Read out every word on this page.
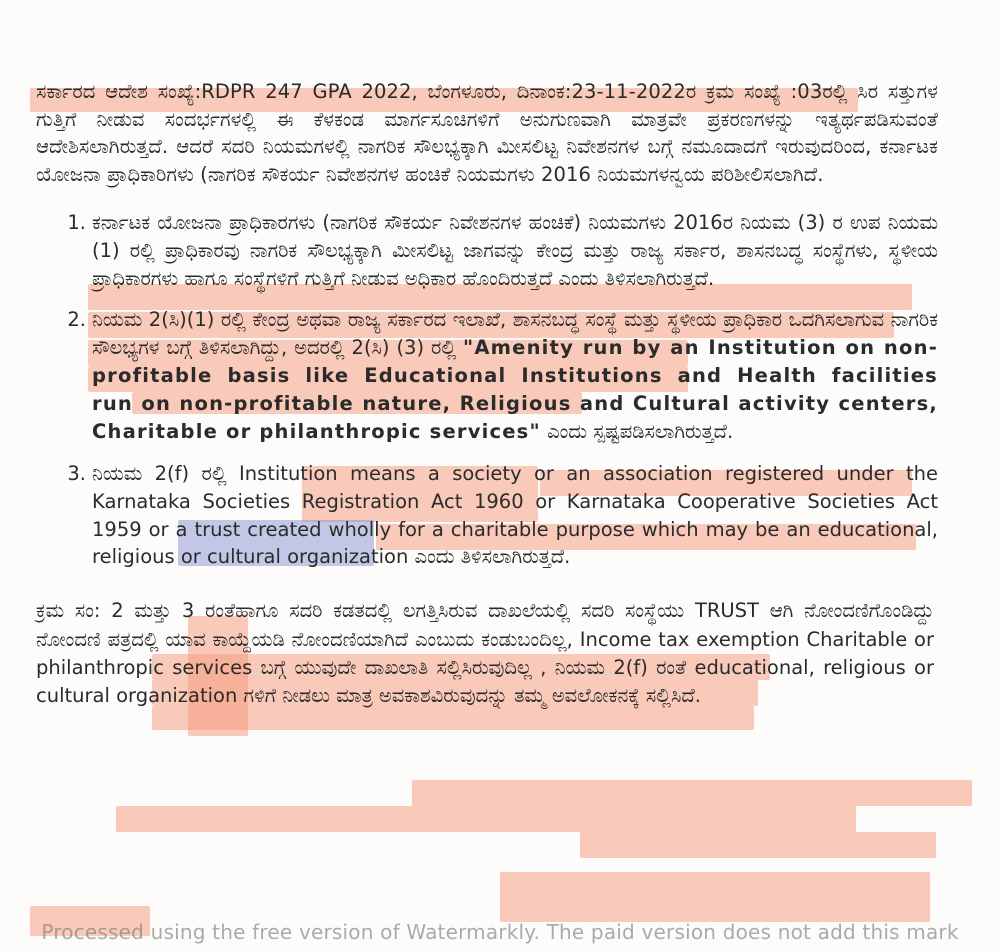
ಸರ್ಕಾರದ ಆದೇಶ ಸಂಖ್ಯೆ:RDPR 247 GPA 2022, ಬೆಂಗಳೂರು, ದಿನಾಂಕ:23-11-2022ರ ಕ್ರಮ ಸಂಖ್ಯೆ :03ರಲ್ಲಿ ಸಿರ ಸತ್ತುಗಳ ಗುತ್ತಿಗೆ ನೀಡುವ ಸಂದರ್ಭಗಳಲ್ಲಿ ಈ ಕೆಳಕಂಡ ಮಾರ್ಗಸೂಚಿಗಳಿಗೆ ಅನುಗುಣವಾಗಿ ಮಾತ್ರವೇ ಪ್ರಕರಣಗಳನ್ನು ಇತ್ಯರ್ಥಪಡಿಸುವಂತೆ ಆದೇಶಿಸಲಾಗಿರುತ್ತದೆ. ಆದರೆ ಸದರಿ ನಿಯಮಗಳಲ್ಲಿ ನಾಗರಿಕ ಸೌಲಭ್ಯಕ್ಕಾಗಿ ಮೀಸಲಿಟ್ಟ ನಿವೇಶನಗಳ ಬಗ್ಗೆ ನಮೂದಾದಗೆ ಇರುವುದರಿಂದ, ಕರ್ನಾಟಕ ಯೋಜನಾ ಪ್ರಾಧಿಕಾರಿಗಳು (ನಾಗರಿಕ ಸೌಕರ್ಯ ನಿವೇಶನಗಳ ಹಂಚಿಕೆ ನಿಯಮಗಳು 2016 ನಿಯಮಗಳನ್ವಯ ಪರಿಶೀಲಿಸಲಾಗಿದೆ.

1. ಕರ್ನಾಟಕ ಯೋಜನಾ ಪ್ರಾಧಿಕಾರಗಳು (ನಾಗರಿಕ ಸೌಕರ್ಯ ನಿವೇಶನಗಳ ಹಂಚಿಕೆ) ನಿಯಮಗಳು 2016ರ ನಿಯಮ (3) ರ ಉಪ ನಿಯಮ (1) ರಲ್ಲಿ ಪ್ರಾಧಿಕಾರವು ನಾಗರಿಕ ಸೌಲಭ್ಯಕ್ಕಾಗಿ ಮೀಸಲಿಟ್ಟ ಜಾಗವನ್ನು ಕೇಂದ್ರ ಮತ್ತು ರಾಜ್ಯ ಸರ್ಕಾರ, ಶಾಸನಬದ್ಧ ಸಂಸ್ಥೆಗಳು, ಸ್ಥಳೀಯ ಪ್ರಾಧಿಕಾರಗಳು ಹಾಗೂ ಸಂಸ್ಥೆಗಳಿಗೆ ಗುತ್ತಿಗೆ ನೀಡುವ ಅಧಿಕಾರ ಹೊಂದಿರುತ್ತದೆ ಎಂದು ತಿಳಿಸಲಾಗಿರುತ್ತದೆ.
2. ನಿಯಮ 2(ಸಿ)(1) ರಲ್ಲಿ ಕೇಂದ್ರ ಅಥವಾ ರಾಜ್ಯ ಸರ್ಕಾರದ ಇಲಾಖೆ, ಶಾಸನಬದ್ಧ ಸಂಸ್ಥೆ ಮತ್ತು ಸ್ಥಳೀಯ ಪ್ರಾಧಿಕಾರ ಒದಗಿಸಲಾಗುವ ನಾಗರಿಕ ಸೌಲಭ್ಯಗಳ ಬಗ್ಗೆ ತಿಳಿಸಲಾಗಿದ್ದು, ಅದರಲ್ಲಿ 2(ಸಿ) (3) ರಲ್ಲಿ "Amenity run by an Institution on non-profitable basis like Educational Institutions and Health facilities run on non-profitable nature, Religious and Cultural activity centers, Charitable or philanthropic services" ಎಂದು ಸ್ಪಷ್ಟಪಡಿಸಲಾಗಿರುತ್ತದೆ.
3. ನಿಯಮ 2(f) ರಲ್ಲಿ Institution means a society or an association registered under the Karnataka Societies Registration Act 1960 or Karnataka Cooperative Societies Act 1959 or a trust created wholly for a charitable purpose which may be an educational, religious or cultural organization ಎಂದು ತಿಳಿಸಲಾಗಿರುತ್ತದೆ.

ಕ್ರಮ ಸಂ: 2 ಮತ್ತು 3 ರಂತೆಹಾಗೂ ಸದರಿ ಕಡತದಲ್ಲಿ ಲಗತ್ತಿಸಿರುವ ದಾಖಲೆಯಲ್ಲಿ ಸದರಿ ಸಂಸ್ಥೆಯು TRUST ಆಗಿ ನೋಂದಣಿಗೊಂಡಿದ್ದು ನೋಂದಣಿ ಪತ್ರದಲ್ಲಿ ಯಾವ ಕಾಯ್ದೆಯಡಿ ನೋಂದಣಿಯಾಗಿದೆ ಎಂಬುದು ಕಂಡುಬಂದಿಲ್ಲ, Income tax exemption Charitable or philanthropic services ಬಗ್ಗೆ ಯುವುದೇ ದಾಖಲಾತಿ ಸಲ್ಲಿಸಿರುವುದಿಲ್ಲ , ನಿಯಮ 2(f) ರಂತೆ educational, religious or cultural organization ಗಳಿಗೆ ನೀಡಲು ಮಾತ್ರ ಅವಕಾಶವಿರುವುದನ್ನು ತಮ್ಮ ಅವಲೋಕನಕ್ಕೆ ಸಲ್ಲಿಸಿದೆ.

Processed using the free version of Watermarkly. The paid version does not add this mark
